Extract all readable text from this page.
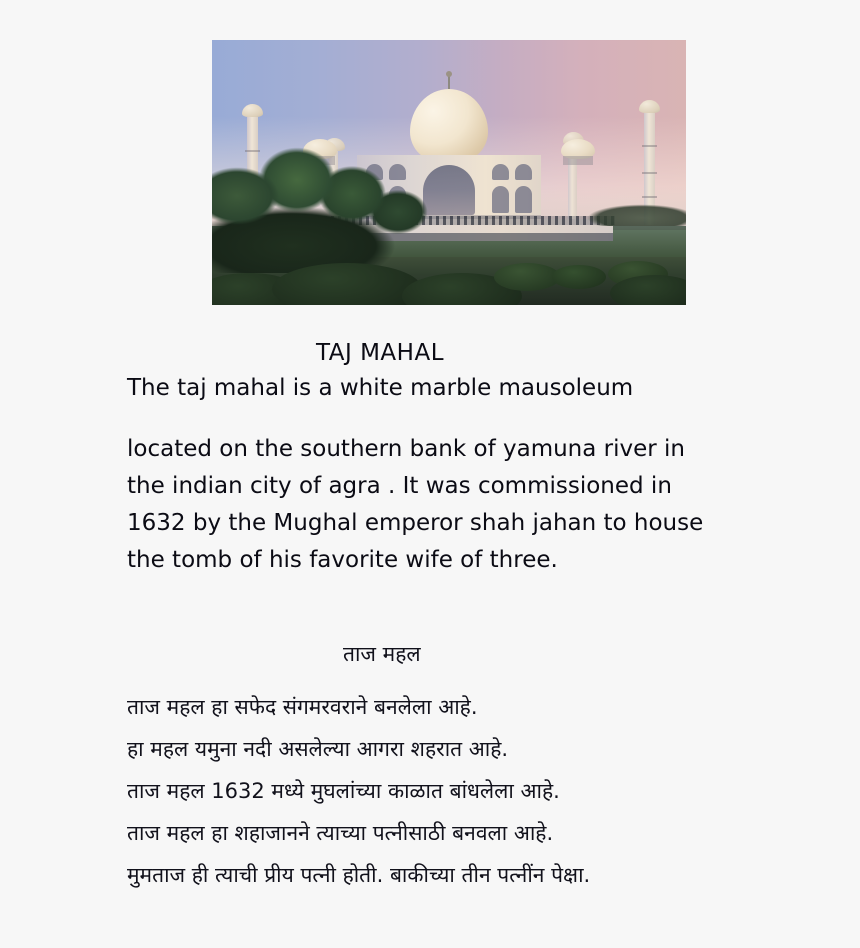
TAJ MAHAL
The taj mahal is a white marble mausoleum
located on the southern bank of yamuna river in
the indian city of agra . It was commissioned in
1632 by the Mughal emperor shah jahan to house
the tomb of his favorite wife of three.
ताज महल
ताज महल हा सफेद संगमरवराने बनलेला आहे.
हा महल यमुना नदी असलेल्या आगरा शहरात आहे.
ताज महल 1632 मध्ये मुघलांच्या काळात बांधलेला आहे.
ताज महल हा शहाजानने त्याच्या पत्नीसाठी बनवला आहे.
मुमताज ही त्याची प्रीय पत्नी होती. बाकीच्या तीन पत्नींन पेक्षा.
